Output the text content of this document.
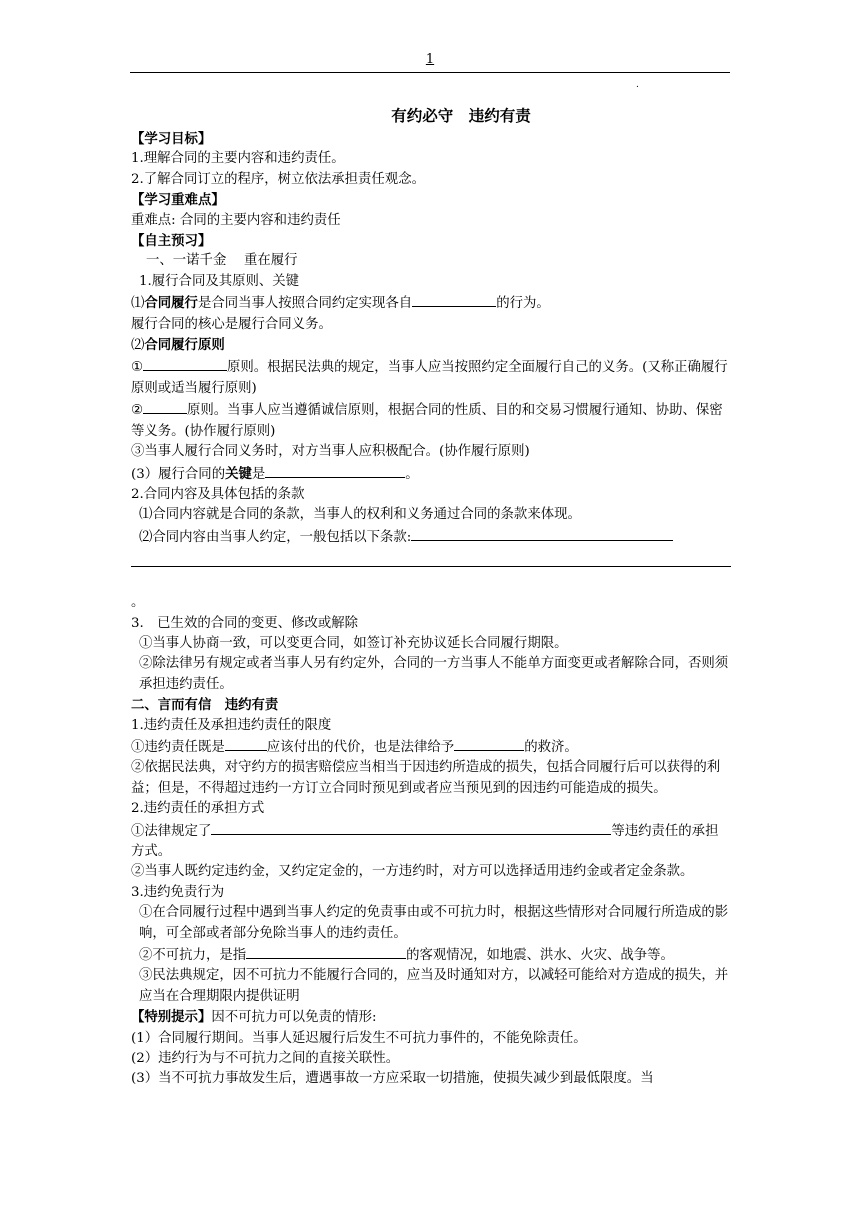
1
.
有约必守　违约有责

【学习目标】

1.理解合同的主要内容和违约责任。

2.了解合同订立的程序，树立依法承担责任观念。

【学习重难点】

重难点: 合同的主要内容和违约责任

【自主预习】

一、一诺千金　 重在履行

1.履行合同及其原则、关键

⑴合同履行是合同当事人按照合同约定实现各自	的行为。

履行合同的核心是履行合同义务。

⑵合同履行原则

①	原则。根据民法典的规定，当事人应当按照约定全面履行自己的义务。(又称正确履行原则或适当履行原则)

②	原则。当事人应当遵循诚信原则，根据合同的性质、目的和交易习惯履行通知、协助、保密等义务。(协作履行原则)

③当事人履行合同义务时，对方当事人应积极配合。(协作履行原则)

(3）履行合同的关键是	。

2.合同内容及具体包括的条款

⑴合同内容就是合同的条款，当事人的权利和义务通过合同的条款来体现。

⑵合同内容由当事人约定，一般包括以下条款:

。

3.　已生效的合同的变更、修改或解除

①当事人协商一致，可以变更合同，如签订补充协议延长合同履行期限。

②除法律另有规定或者当事人另有约定外，合同的一方当事人不能单方面变更或者解除合同，否则须承担违约责任。

二、言而有信　违约有责

1.违约责任及承担违约责任的限度

①违约责任既是	应该付出的代价，也是法律给予	的救济。

②依据民法典，对守约方的损害赔偿应当相当于因违约所造成的损失，包括合同履行后可以获得的利益；但是，不得超过违约一方订立合同时预见到或者应当预见到的因违约可能造成的损失。

2.违约责任的承担方式

①法律规定了	等违约责任的承担方式。

②当事人既约定违约金，又约定定金的，一方违约时，对方可以选择适用违约金或者定金条款。

3.违约免责行为

①在合同履行过程中遇到当事人约定的免责事由或不可抗力时，根据这些情形对合同履行所造成的影响，可全部或者部分免除当事人的违约责任。

②不可抗力，是指	的客观情况，如地震、洪水、火灾、战争等。

③民法典规定，因不可抗力不能履行合同的，应当及时通知对方，以减轻可能给对方造成的损失，并应当在合理期限内提供证明

【特别提示】因不可抗力可以免责的情形:

(1）合同履行期间。当事人延迟履行后发生不可抗力事件的，不能免除责任。

(2）违约行为与不可抗力之间的直接关联性。

(3）当不可抗力事故发生后，遭遇事故一方应采取一切措施，使损失减少到最低限度。当
